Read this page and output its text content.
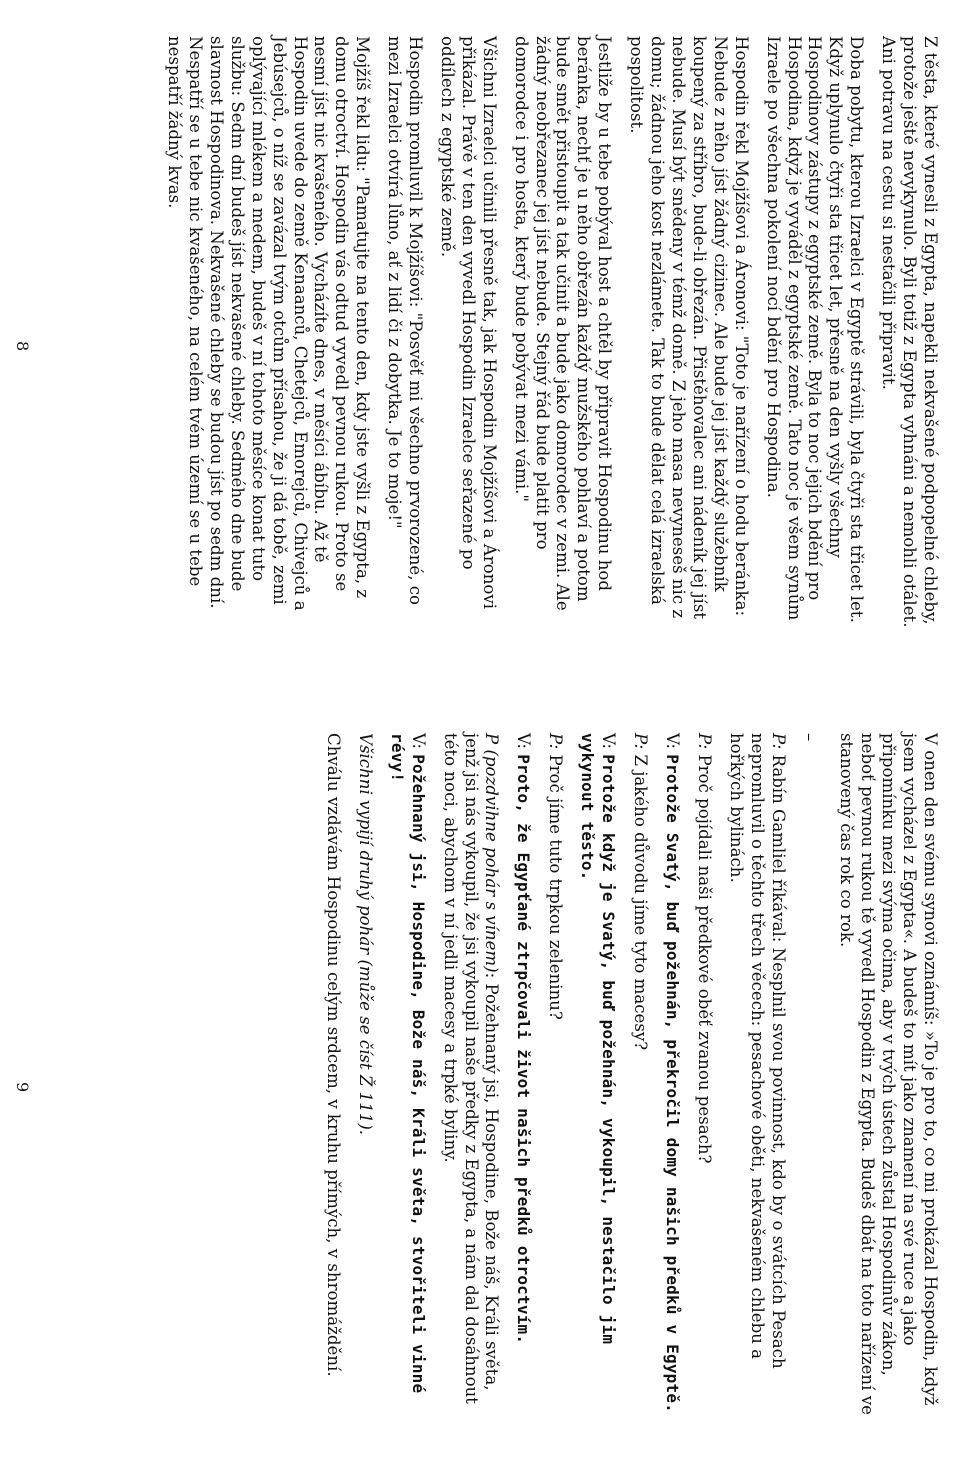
Z těsta, které vynesli z Egypta, napekli nekvašené podpopelné chleby, protože ještě nevykynulo. Byli totiž z Egypta vyhnáni a nemohli otálet. Ani potravu na cestu si nestačili připravit.

Doba pobytu, kterou Izraelci v Egyptě strávili, byla čtyři sta třicet let. Když uplynulo čtyři sta třicet let, přesně na den vyšly všechny Hospodinovy zástupy z egyptské země. Byla to noc jejich bdění pro Hospodina, když je vyváděl z egyptské země. Tato noc je všem synům Izraele po všechna pokolení nocí bdění pro Hospodina.

Hospodin řekl Mojžíšovi a Áronovi: "Toto je nařízení o hodu beránka: Nebude z něho jíst žádný cizinec. Ale bude jej jíst každý služebník koupený za stříbro, bude-li obřezán. Přistěhovalec ani nádeník jej jíst nebude. Musí být snědeny v témž domě. Z jeho masa nevyneseš nic z domu; žádnou jeho kost nezlámete. Tak to bude dělat celá izraelská pospolitost.

Jestliže by u tebe pobýval host a chtěl by připravit Hospodinu hod beránka, nechť je u něho obřezán každý mužského pohlaví a potom bude smět přistoupit a tak učinit a bude jako domorodec v zemi. Ale žádný neobřezanec jej jíst nebude. Stejný řád bude platit pro domorodce i pro hosta, který bude pobývat mezi vámi."

Všichni Izraelci učinili přesně tak, jak Hospodin Mojžíšovi a Áronovi přikázal. Právě v ten den vyvedl Hospodin Izraelce seřazené po oddílech z egyptské země.

Hospodin promluvil k Mojžíšovi: "Posvěť mi všechno prvorozené, co mezi Izraelci otvírá lůno, ať z lidí či z dobytka. Je to moje!"

Mojžíš řekl lidu: "Pamatujte na tento den, kdy jste vyšli z Egypta, z domu otroctví. Hospodin vás odtud vyvedl pevnou rukou. Proto se nesmí jíst nic kvašeného. Vycházíte dnes, v měsíci ábíbu. Až tě Hospodin uvede do země Kenaanců, Chetejců, Emorejců, Chivejců a Jebúsejců, o níž se zavázal tvým otcům přísahou, že ji dá tobě, zemi oplývající mlékem a medem, budeš v ní tohoto měsíce konat tuto službu: Sedm dní budeš jíst nekvašené chleby. Sedmého dne bude slavnost Hospodinova. Nekvašené chleby se budou jíst po sedm dní. Nespatří se u tebe nic kvašeného, na celém tvém území se u tebe nespatří žádný kvas.

8

V onen den svému synovi oznámíš: »To je pro to, co mi prokázal Hospodin, když jsem vycházel z Egypta«. A budeš to mít jako znamení na své ruce a jako připomínku mezi svýma očima, aby v tvých ústech zůstal Hospodinův zákon, neboť pevnou rukou tě vyvedl Hospodin z Egypta. Budeš dbát na toto nařízení ve stanovený čas rok co rok.

–

P: Rabín Gamliel říkával: Nesplnil svou povinnost, kdo by o svátcích Pesach nepromluvil o těchto třech věcech: pesachové oběti, nekvašeném chlebu a hořkých bylinách.

P: Proč pojídali naši předkové oběť zvanou pesach?

V: Protože Svatý, buď požehnán, překročil domy našich předků v Egyptě.

P: Z jakého důvodu jíme tyto macesy?

V: Protože když je Svatý, buď požehnán, vykoupil, nestačilo jim vykynout těsto.

P: Proč jíme tuto trpkou zeleninu?

V: Proto, že Egypťané ztrpčovali život našich předků otroctvím.

P (pozdvihne pohár s vínem): Požehnaný jsi, Hospodine, Bože náš, Králi světa, jenž jsi nás vykoupil, že jsi vykoupil naše předky z Egypta, a nám dal dosáhnout této noci, abychom v ní jedli macesy a trpké byliny.

V: Požehnaný jsi, Hospodine, Bože náš, Králi světa, stvořiteli vinné révy!

Všichni vypijí druhý pohár (může se číst Ž 111).

Chválu vzdávám Hospodinu celým srdcem, v kruhu přímých, v shromáždění.

9
